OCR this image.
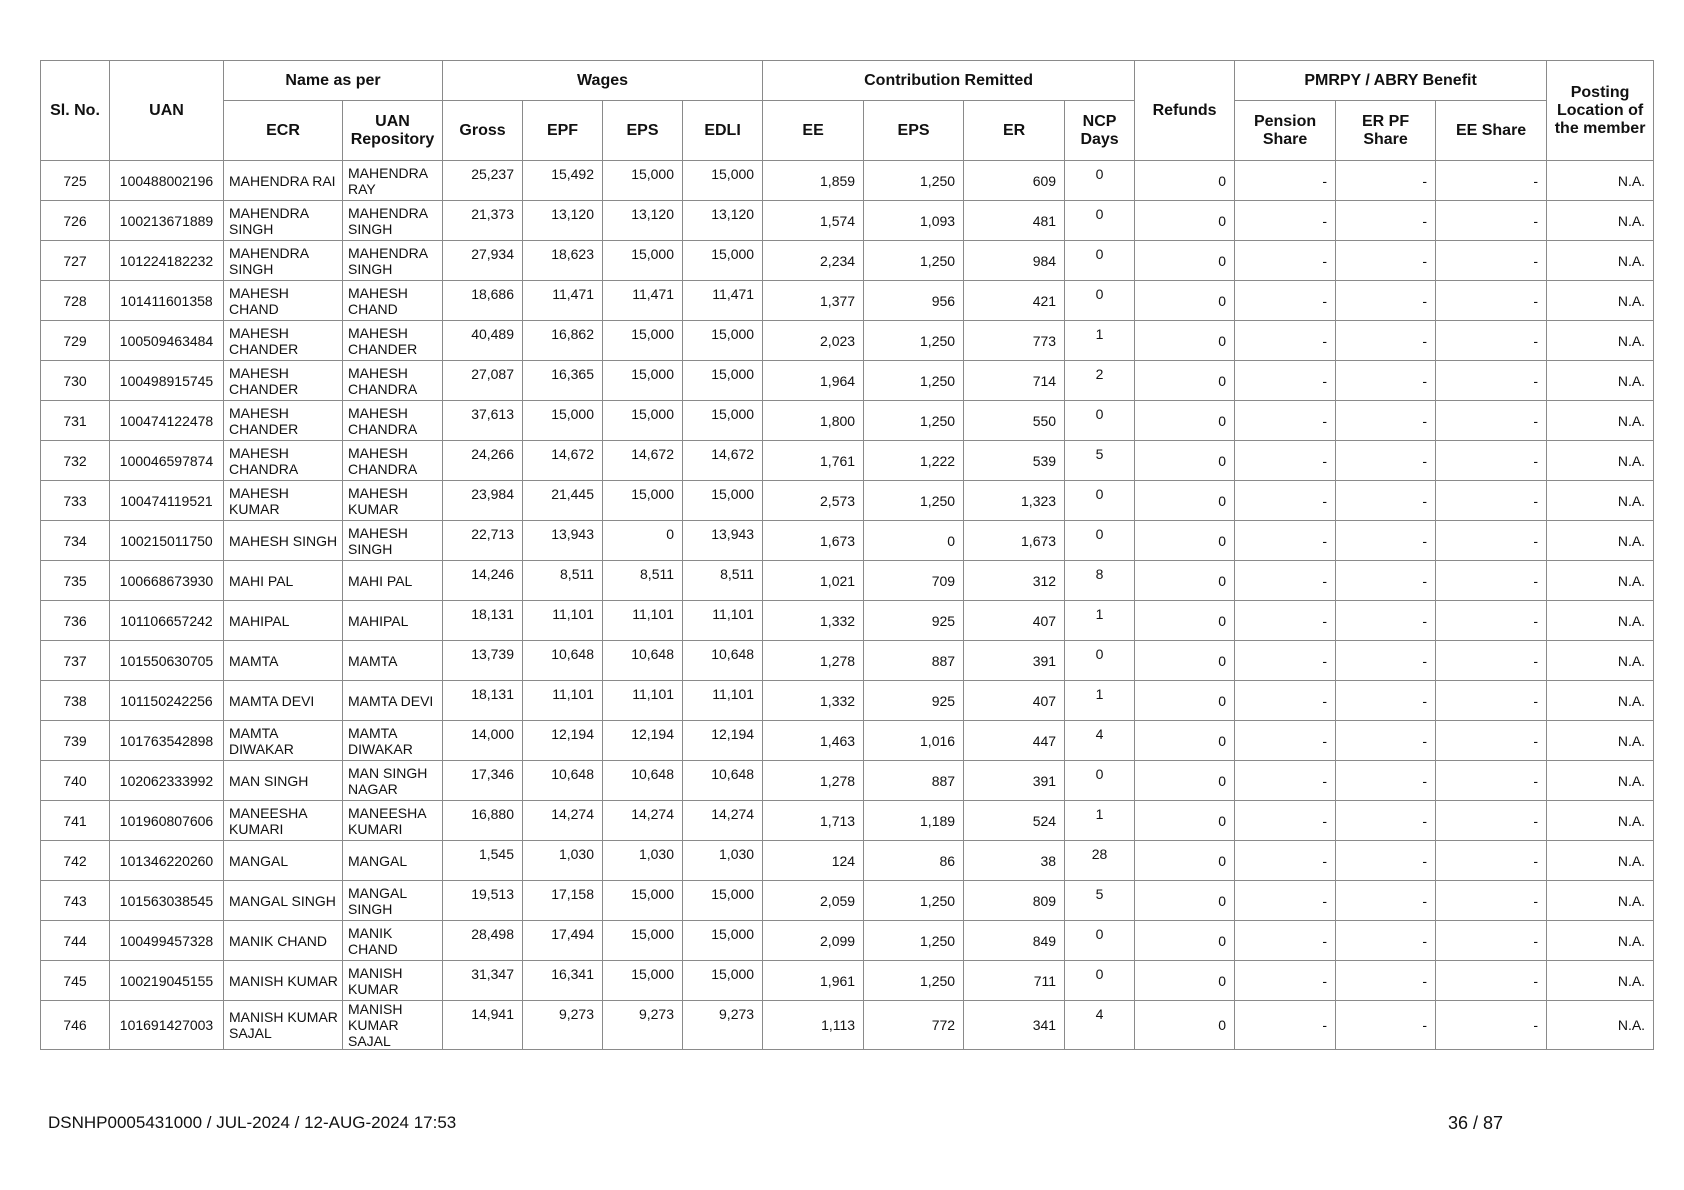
Sl. No.	UAN	Name as per		Wages				Contribution Remitted				Refunds	PMRPY / ABRY Benefit			Posting Location of the member
		ECR	UAN Repository	Gross	EPF	EPS	EDLI	EE	EPS	ER	NCP Days		Pension Share	ER PF Share	EE Share	
725	100488002196	MAHENDRA RAI	MAHENDRA RAY	25,237	15,492	15,000	15,000	1,859	1,250	609	0	0	-	-	-	N.A.
726	100213671889	MAHENDRA SINGH	MAHENDRA SINGH	21,373	13,120	13,120	13,120	1,574	1,093	481	0	0	-	-	-	N.A.
727	101224182232	MAHENDRA SINGH	MAHENDRA SINGH	27,934	18,623	15,000	15,000	2,234	1,250	984	0	0	-	-	-	N.A.
728	101411601358	MAHESH CHAND	MAHESH CHAND	18,686	11,471	11,471	11,471	1,377	956	421	0	0	-	-	-	N.A.
729	100509463484	MAHESH CHANDER	MAHESH CHANDER	40,489	16,862	15,000	15,000	2,023	1,250	773	1	0	-	-	-	N.A.
730	100498915745	MAHESH CHANDER	MAHESH CHANDRA	27,087	16,365	15,000	15,000	1,964	1,250	714	2	0	-	-	-	N.A.
731	100474122478	MAHESH CHANDER	MAHESH CHANDRA	37,613	15,000	15,000	15,000	1,800	1,250	550	0	0	-	-	-	N.A.
732	100046597874	MAHESH CHANDRA	MAHESH CHANDRA	24,266	14,672	14,672	14,672	1,761	1,222	539	5	0	-	-	-	N.A.
733	100474119521	MAHESH KUMAR	MAHESH KUMAR	23,984	21,445	15,000	15,000	2,573	1,250	1,323	0	0	-	-	-	N.A.
734	100215011750	MAHESH SINGH	MAHESH SINGH	22,713	13,943	0	13,943	1,673	0	1,673	0	0	-	-	-	N.A.
735	100668673930	MAHI PAL	MAHI PAL	14,246	8,511	8,511	8,511	1,021	709	312	8	0	-	-	-	N.A.
736	101106657242	MAHIPAL	MAHIPAL	18,131	11,101	11,101	11,101	1,332	925	407	1	0	-	-	-	N.A.
737	101550630705	MAMTA	MAMTA	13,739	10,648	10,648	10,648	1,278	887	391	0	0	-	-	-	N.A.
738	101150242256	MAMTA DEVI	MAMTA DEVI	18,131	11,101	11,101	11,101	1,332	925	407	1	0	-	-	-	N.A.
739	101763542898	MAMTA DIWAKAR	MAMTA DIWAKAR	14,000	12,194	12,194	12,194	1,463	1,016	447	4	0	-	-	-	N.A.
740	102062333992	MAN SINGH	MAN SINGH NAGAR	17,346	10,648	10,648	10,648	1,278	887	391	0	0	-	-	-	N.A.
741	101960807606	MANEESHA KUMARI	MANEESHA KUMARI	16,880	14,274	14,274	14,274	1,713	1,189	524	1	0	-	-	-	N.A.
742	101346220260	MANGAL	MANGAL	1,545	1,030	1,030	1,030	124	86	38	28	0	-	-	-	N.A.
743	101563038545	MANGAL SINGH	MANGAL SINGH	19,513	17,158	15,000	15,000	2,059	1,250	809	5	0	-	-	-	N.A.
744	100499457328	MANIK CHAND	MANIK CHAND	28,498	17,494	15,000	15,000	2,099	1,250	849	0	0	-	-	-	N.A.
745	100219045155	MANISH KUMAR	MANISH KUMAR	31,347	16,341	15,000	15,000	1,961	1,250	711	0	0	-	-	-	N.A.
746	101691427003	MANISH KUMAR SAJAL	MANISH KUMAR SAJAL	14,941	9,273	9,273	9,273	1,113	772	341	4	0	-	-	-	N.A.
DSNHP0005431000 / JUL-2024 / 12-AUG-2024 17:53	36 / 87
